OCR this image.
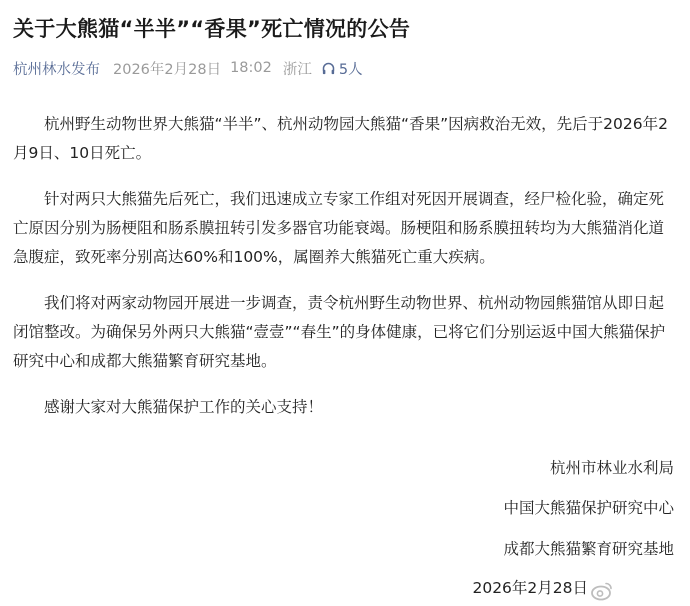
关于大熊猫“半半”“香果”死亡情况的公告
杭州林水发布 2026年2月28日 18:02 浙江 5人

杭州野生动物世界大熊猫“半半”、杭州动物园大熊猫“香果”因病救治无效，先后于2026年2月9日、10日死亡。

针对两只大熊猫先后死亡，我们迅速成立专家工作组对死因开展调查，经尸检化验，确定死亡原因分别为肠梗阻和肠系膜扭转引发多器官功能衰竭。肠梗阻和肠系膜扭转均为大熊猫消化道急腹症，致死率分别高达60%和100%，属圈养大熊猫死亡重大疾病。

我们将对两家动物园开展进一步调查，责令杭州野生动物世界、杭州动物园熊猫馆从即日起闭馆整改。为确保另外两只大熊猫“壹壹”“春生”的身体健康，已将它们分别运返中国大熊猫保护研究中心和成都大熊猫繁育研究基地。

感谢大家对大熊猫保护工作的关心支持！

杭州市林业水利局
中国大熊猫保护研究中心
成都大熊猫繁育研究基地
2026年2月28日
